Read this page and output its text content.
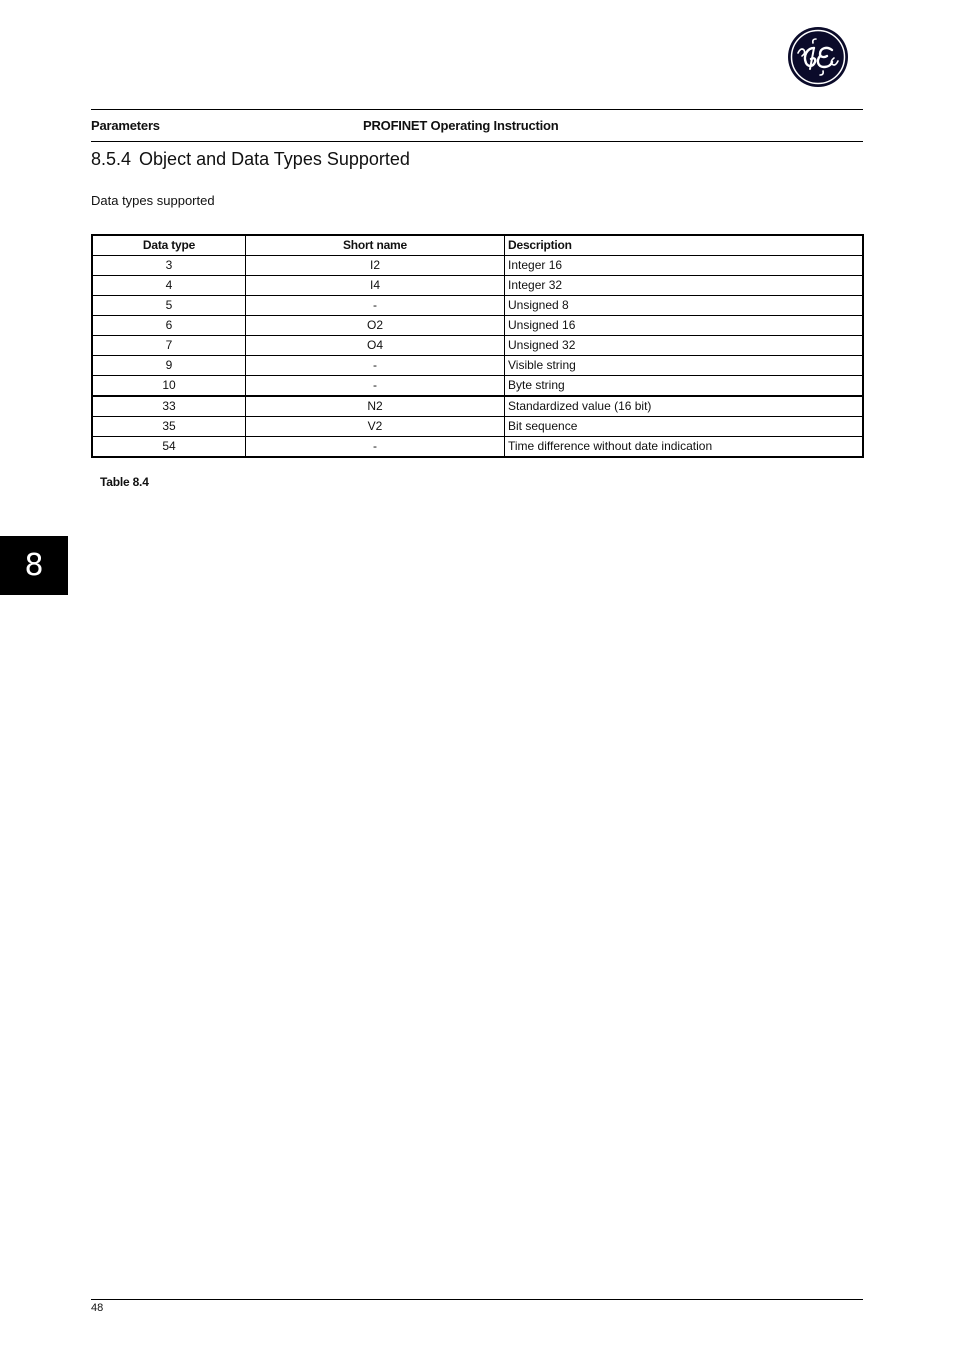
Parameters	PROFINET Operating Instruction
8.5.4 Object and Data Types Supported
Data types supported
Data type	Short name	Description
3	I2	Integer 16
4	I4	Integer 32
5	-	Unsigned 8
6	O2	Unsigned 16
7	O4	Unsigned 32
9	-	Visible string
10	-	Byte string
33	N2	Standardized value (16 bit)
35	V2	Bit sequence
54	-	Time difference without date indication
Table 8.4
8
48
